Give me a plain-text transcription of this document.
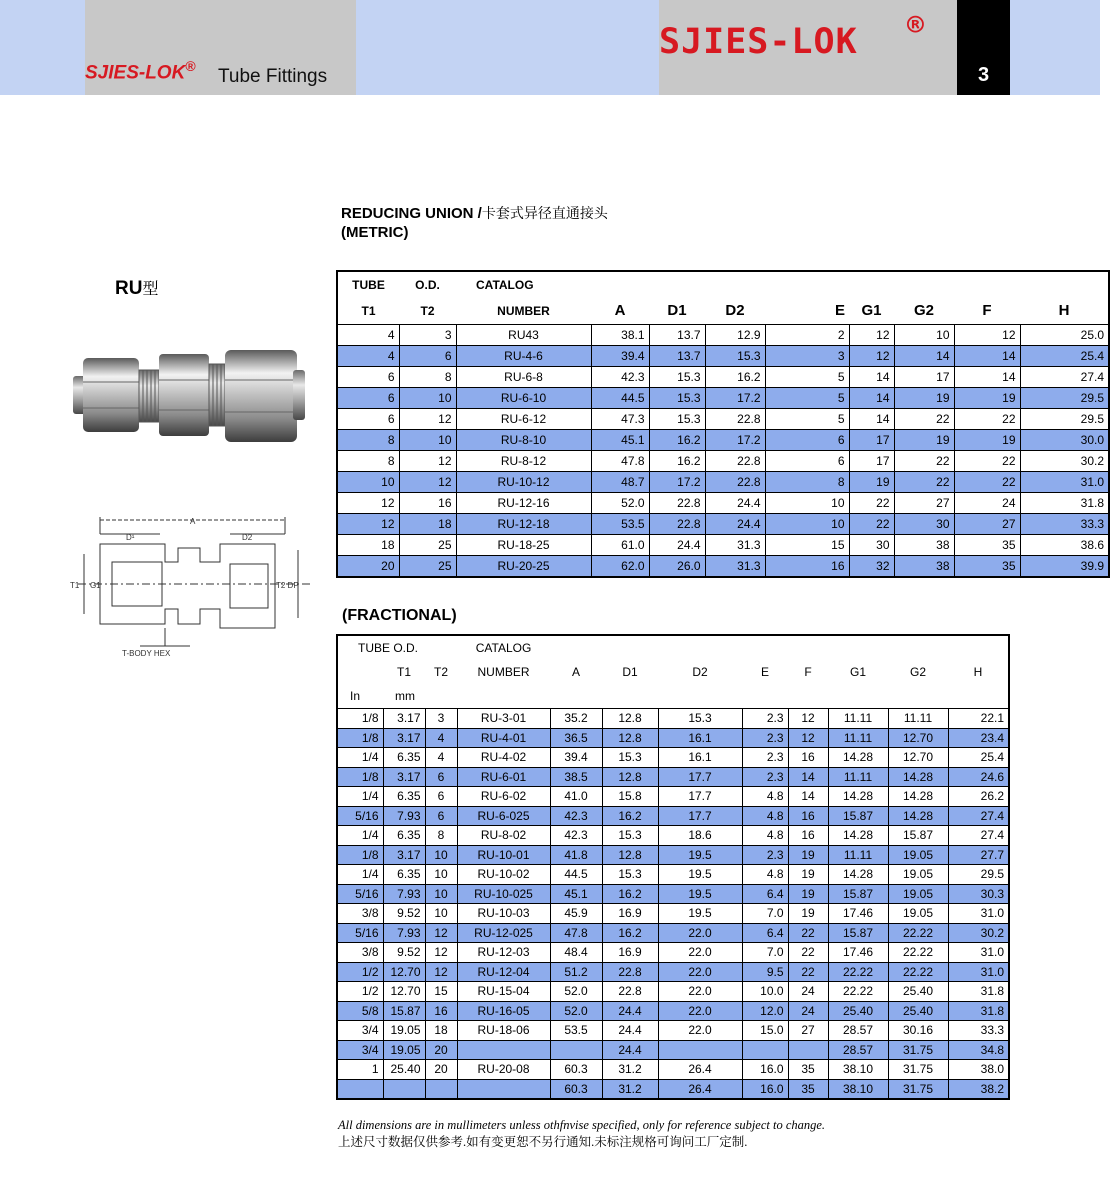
SJIES-LOK® Tube Fittings
SJIES-LOK ®
3
REDUCING UNION /卡套式异径直通接头
(METRIC)
RU型
A
D¹	D2
T1 G1	T2 DP
T-BODY HEX
TUBE	O.D.	CATALOG								
T1	T2	NUMBER	A	D1	D2	E	G1	G2	F	H
4	3	RU43	38.1	13.7	12.9	2	12	10	12	25.0
4	6	RU-4-6	39.4	13.7	15.3	3	12	14	14	25.4
6	8	RU-6-8	42.3	15.3	16.2	5	14	17	14	27.4
6	10	RU-6-10	44.5	15.3	17.2	5	14	19	19	29.5
6	12	RU-6-12	47.3	15.3	22.8	5	14	22	22	29.5
8	10	RU-8-10	45.1	16.2	17.2	6	17	19	19	30.0
8	12	RU-8-12	47.8	16.2	22.8	6	17	22	22	30.2
10	12	RU-10-12	48.7	17.2	22.8	8	19	22	22	31.0
12	16	RU-12-16	52.0	22.8	24.4	10	22	27	24	31.8
12	18	RU-12-18	53.5	22.8	24.4	10	22	30	27	33.3
18	25	RU-18-25	61.0	24.4	31.3	15	30	38	35	38.6
20	25	RU-20-25	62.0	26.0	31.3	16	32	38	35	39.9
(FRACTIONAL)
TUBE O.D.			CATALOG								
	T1	T2	NUMBER	A	D1	D2	E	F	G1	G2	H
In	mm										
1/8	3.17	3	RU-3-01	35.2	12.8	15.3	2.3	12	11.11	11.11	22.1
1/8	3.17	4	RU-4-01	36.5	12.8	16.1	2.3	12	11.11	12.70	23.4
1/4	6.35	4	RU-4-02	39.4	15.3	16.1	2.3	16	14.28	12.70	25.4
1/8	3.17	6	RU-6-01	38.5	12.8	17.7	2.3	14	11.11	14.28	24.6
1/4	6.35	6	RU-6-02	41.0	15.8	17.7	4.8	14	14.28	14.28	26.2
5/16	7.93	6	RU-6-025	42.3	16.2	17.7	4.8	16	15.87	14.28	27.4
1/4	6.35	8	RU-8-02	42.3	15.3	18.6	4.8	16	14.28	15.87	27.4
1/8	3.17	10	RU-10-01	41.8	12.8	19.5	2.3	19	11.11	19.05	27.7
1/4	6.35	10	RU-10-02	44.5	15.3	19.5	4.8	19	14.28	19.05	29.5
5/16	7.93	10	RU-10-025	45.1	16.2	19.5	6.4	19	15.87	19.05	30.3
3/8	9.52	10	RU-10-03	45.9	16.9	19.5	7.0	19	17.46	19.05	31.0
5/16	7.93	12	RU-12-025	47.8	16.2	22.0	6.4	22	15.87	22.22	30.2
3/8	9.52	12	RU-12-03	48.4	16.9	22.0	7.0	22	17.46	22.22	31.0
1/2	12.70	12	RU-12-04	51.2	22.8	22.0	9.5	22	22.22	22.22	31.0
1/2	12.70	15	RU-15-04	52.0	22.8	22.0	10.0	24	22.22	25.40	31.8
5/8	15.87	16	RU-16-05	52.0	24.4	22.0	12.0	24	25.40	25.40	31.8
3/4	19.05	18	RU-18-06	53.5	24.4	22.0	15.0	27	28.57	30.16	33.3
3/4	19.05	20			24.4				28.57	31.75	34.8
1	25.40	20	RU-20-08	60.3	31.2	26.4	16.0	35	38.10	31.75	38.0
				60.3	31.2	26.4	16.0	35	38.10	31.75	38.2
All dimensions are in mullimeters unless othfnvise specified, only for reference subject to change.
上述尺寸数据仅供参考.如有变更恕不另行通知.未标注规格可询问工厂定制.
